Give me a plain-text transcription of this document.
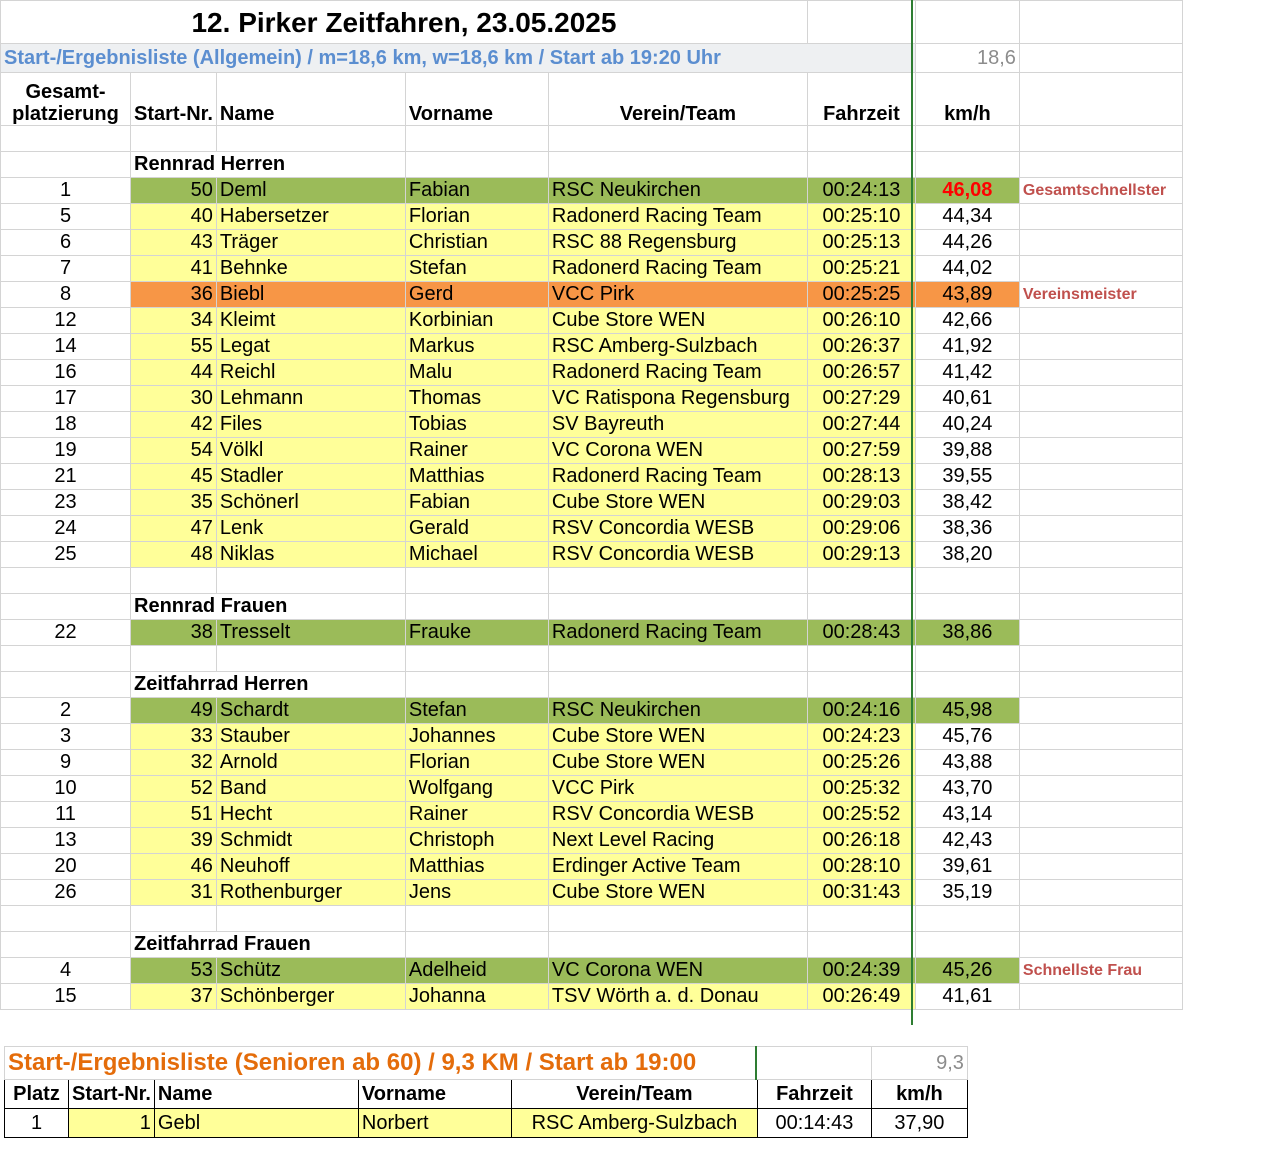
12. Pirker Zeitfahren, 23.05.2025							
Start-/Ergebnisliste (Allgemein) / m=18,6 km, w=18,6 km / Start ab 19:20 Uhr						18,6	
Gesamt-
platzierung	Start-Nr.	Name	Vorname	Verein/Team	Fahrzeit	km/h	

	Rennrad Herren						
1	50	Deml	Fabian	RSC Neukirchen	00:24:13	46,08	Gesamtschnellster
5	40	Habersetzer	Florian	Radonerd Racing Team	00:25:10	44,34	
6	43	Träger	Christian	RSC 88 Regensburg	00:25:13	44,26	
7	41	Behnke	Stefan	Radonerd Racing Team	00:25:21	44,02	
8	36	Biebl	Gerd	VCC Pirk	00:25:25	43,89	Vereinsmeister
12	34	Kleimt	Korbinian	Cube Store WEN	00:26:10	42,66	
14	55	Legat	Markus	RSC Amberg-Sulzbach	00:26:37	41,92	
16	44	Reichl	Malu	Radonerd Racing Team	00:26:57	41,42	
17	30	Lehmann	Thomas	VC Ratispona Regensburg	00:27:29	40,61	
18	42	Files	Tobias	SV Bayreuth	00:27:44	40,24	
19	54	Völkl	Rainer	VC Corona WEN	00:27:59	39,88	
21	45	Stadler	Matthias	Radonerd Racing Team	00:28:13	39,55	
23	35	Schönerl	Fabian	Cube Store WEN	00:29:03	38,42	
24	47	Lenk	Gerald	RSV Concordia WESB	00:29:06	38,36	
25	48	Niklas	Michael	RSV Concordia WESB	00:29:13	38,20	

	Rennrad Frauen						
22	38	Tresselt	Frauke	Radonerd Racing Team	00:28:43	38,86	

	Zeitfahrrad Herren						
2	49	Schardt	Stefan	RSC Neukirchen	00:24:16	45,98	
3	33	Stauber	Johannes	Cube Store WEN	00:24:23	45,76	
9	32	Arnold	Florian	Cube Store WEN	00:25:26	43,88	
10	52	Band	Wolfgang	VCC Pirk	00:25:32	43,70	
11	51	Hecht	Rainer	RSV Concordia WESB	00:25:52	43,14	
13	39	Schmidt	Christoph	Next Level Racing	00:26:18	42,43	
20	46	Neuhoff	Matthias	Erdinger Active Team	00:28:10	39,61	
26	31	Rothenburger	Jens	Cube Store WEN	00:31:43	35,19	

	Zeitfahrrad Frauen						
4	53	Schütz	Adelheid	VC Corona WEN	00:24:39	45,26	Schnellste Frau
15	37	Schönberger	Johanna	TSV Wörth a. d. Donau	00:26:49	41,61	
Start-/Ergebnisliste (Senioren ab 60) / 9,3 KM / Start ab 19:00						9,3
Platz	Start-Nr.	Name	Vorname	Verein/Team	Fahrzeit	km/h
1	1	Gebl	Norbert	RSC Amberg-Sulzbach	00:14:43	37,90
